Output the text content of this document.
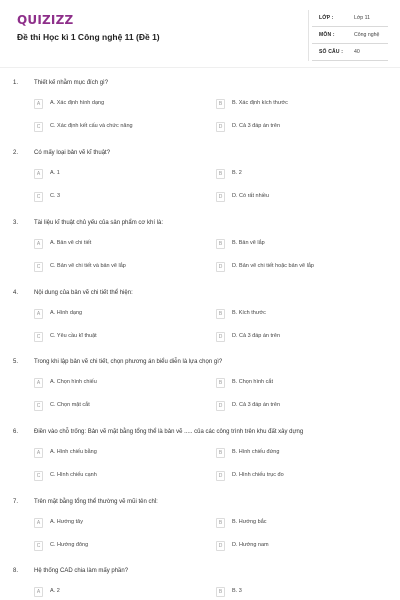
QUIZIZZ
Đề thi Học kì 1 Công nghệ 11 (Đề 1)
LỚP :	Lớp 11
MÔN :	Công nghệ
SỐ CÂU : 40
1.	Thiết kế nhằm mục đích gì?
A	A. Xác định hình dạng	B	B. Xác định kích thước
C	C. Xác định kết cấu và chức năng	D	D. Cả 3 đáp án trên
2.	Có mấy loại bản vẽ kĩ thuật?
A	A. 1	B	B. 2
C	C. 3	D	D. Có rất nhiều
3.	Tài liệu kĩ thuật chủ yếu của sản phẩm cơ khí là:
A	A. Bản vẽ chi tiết	B	B. Bản vẽ lắp
C	C. Bản vẽ chi tiết và bản vẽ lắp	D	D. Bản vẽ chi tiết hoặc bản vẽ lắp
4.	Nội dung của bản vẽ chi tiết thể hiện:
A	A. Hình dạng	B	B. Kích thước
C	C. Yêu cầu kĩ thuật	D	D. Cả 3 đáp án trên
5.	Trong khi lập bản vẽ chi tiết, chọn phương án biểu diễn là lựa chọn gì?
A	A. Chọn hình chiếu	B	B. Chọn hình cắt
C	C. Chọn mặt cắt	D	D. Cả 3 đáp án trên
6.	Điền vào chỗ trống: Bản vẽ mặt bằng tổng thể là bản vẽ ..... của các công trình trên khu đất xây dựng
A	A. Hình chiếu bằng	B	B. Hình chiếu đứng
C	C. Hình chiếu cạnh	D	D. Hình chiếu trục đo
7.	Trên mặt bằng tổng thể thường vẽ mũi tên chỉ:
A	A. Hướng tây	B	B. Hướng bắc
C	C. Hướng đông	D	D. Hướng nam
8.	Hệ thống CAD chia làm mấy phần?
A	A. 2	B	B. 3
